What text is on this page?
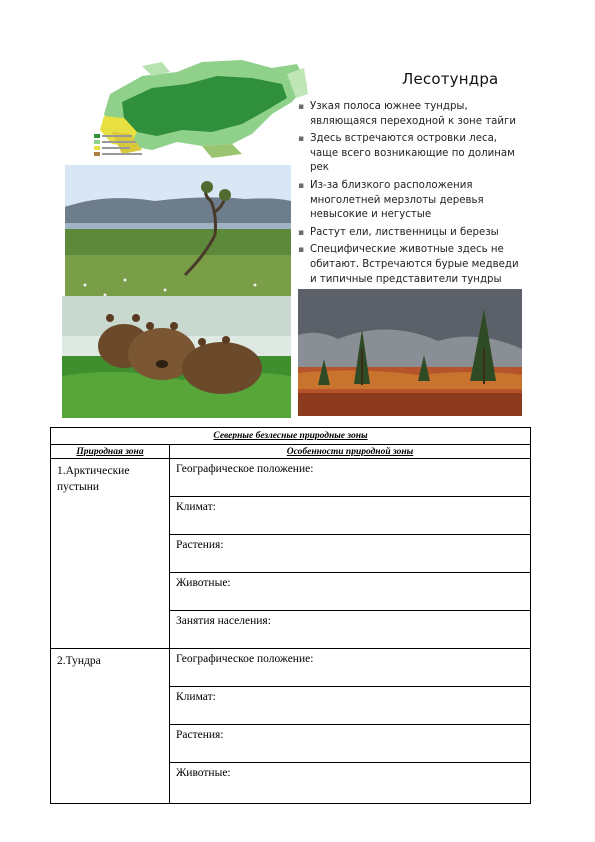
Лесотундра
▪ Узкая полоса южнее тундры, являющаяся переходной к зоне тайги
▪ Здесь встречаются островки леса, чаще всего возникающие по долинам рек
▪ Из-за близкого расположения многолетней мерзлоты деревья невысокие и негустые
▪ Растут ели, лиственницы и березы
▪ Специфические животные здесь не обитают. Встречаются бурые медведи и типичные представители тундры
Северные безлесные природные зоны	
Природная зона	Особенности природной зоны
1.Арктические пустыни	Географическое положение:
	Климат:
	Растения:
	Животные:
	Занятия населения:
2.Тундра	Географическое положение:
	Климат:
	Растения:
	Животные:
